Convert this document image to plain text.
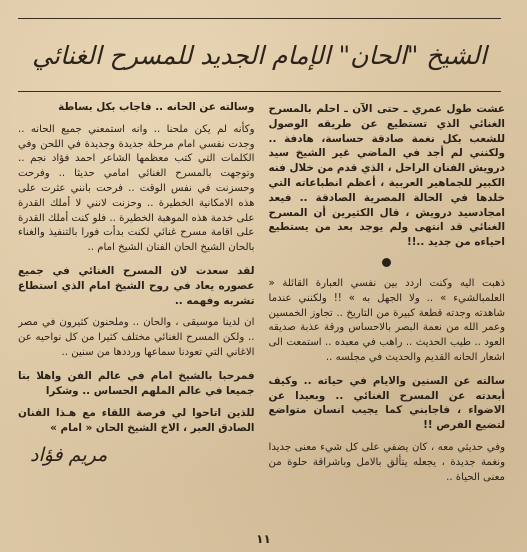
الشيخ "الحان" الإمام الجديد للمسرح الغنائي

عشت طول عمري ـ حتى الآن ـ احلم بالمسرح الغنائي الذي تستطيع عن طريقه الوصول للشعب بكل نغمة صادقة حساسة، هادفة .. ولكنني لم أجد في الماضي غير الشيخ سيد درويش الفنان الراحل ، الذي قدم من خلال فنه الكبير للجماهير العربية ، أعظم انطباعاته التي خلدها في الحالة المصرية الصادقة .. فيعد امجادسيد درويش ، قال الكثيرين أن المسرح الغنائي قد انتهى ولم يوجد بعد من يستطيع احياءه من جديد ..!!

ذهبت اليه وكنت اردد بين نفسي العبارة القائلة « العلمبالشيء » .. ولا الجهل به » !! ولكنني عندما شاهدته وجدته قطعة كبيرة من التاريخ .. تجاوز الخمسين وعمر الله من نعمة البصر بالاحساس ورقة عذبة صديقه العود .. طيب الحديث .. راهب في معبده .. استمعت الى اشعار الحانه القديم والحديث في مجلسه ..

سالته عن السنين والايام في حياته .. وكيف أبعدته عن المسرح الغنائي .. وبعيدا عن الاضواء ، فاجابني كما يجيب انسان متواضع لتضيع الفرص !!

وفي حديثي معه ، كان يضفي على كل شيء معنى جديدا ونغمة جديدة ، يجعله يتألق بالامل وباشراقة حلوة من معنى الحياة ..

وسالته عن الحانه .. فاجاب بكل بساطة

وكأنه لم يكن ملحنا .. وانه استمعني جميع الحانه .. وجدت نفسي امام مرحلة جديدة وجديدة في اللحن وفي الكلمات التي كتب معظمها الشاعر احمد فؤاد نجم .. وتوجهت بالمسرح الغنائي امامي حديثا .. وفرحت وحسزنت في نفس الوقت .. فرحت بانني عثرت على هذه الامكانية الخطيرة .. وحزنت لانني لا أملك القدرة على خدمة هذه الموهبة الخطيرة .. فلو كنت أملك القدرة على اقامة مسرح غنائي لكنت بدأت فورا بالتنفيذ والغناء بالحان الشيخ الحان الفنان الشيخ امام ..

لقد سعدت لان المسرح الغنائي في جميع عصوره يعاد في روح الشيخ امام الذي استطاع تشربه وفهمه ..

ان لدينا موسيقى ، والحان .. وملحنون كثيرون في مصر .. ولكن المسرح الغنائي مختلف كثيرا من كل نواحيه عن الاغاني التي تعودنا سماعها ورددها من سنين ..

فمرحبا بالشيخ امام في عالم الفن واهلا بنا جميعا في عالم الملهم الحساس .. وشكرا

للذين اتاحوا لي فرصة اللقاء مع هـذا الفنان الصادق العبر ، الاخ الشيخ الحان « امام »

مريم فؤاد
١١
